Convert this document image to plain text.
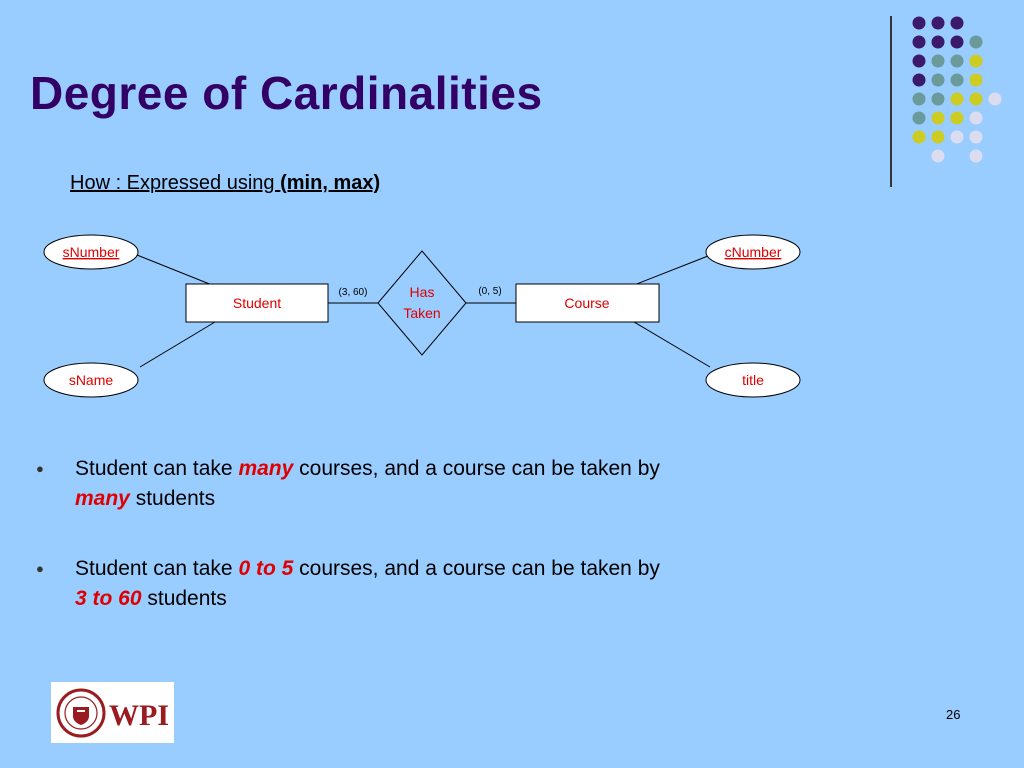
Degree of Cardinalities
How : Expressed using (min, max)
sNumber
sName
cNumber
title
Student	Course
Has
Taken
(3, 60)	(0, 5)
● Student can take many courses, and a course can be taken by
many students
● Student can take 0 to 5 courses, and a course can be taken by
3 to 60 students
WPI	26
